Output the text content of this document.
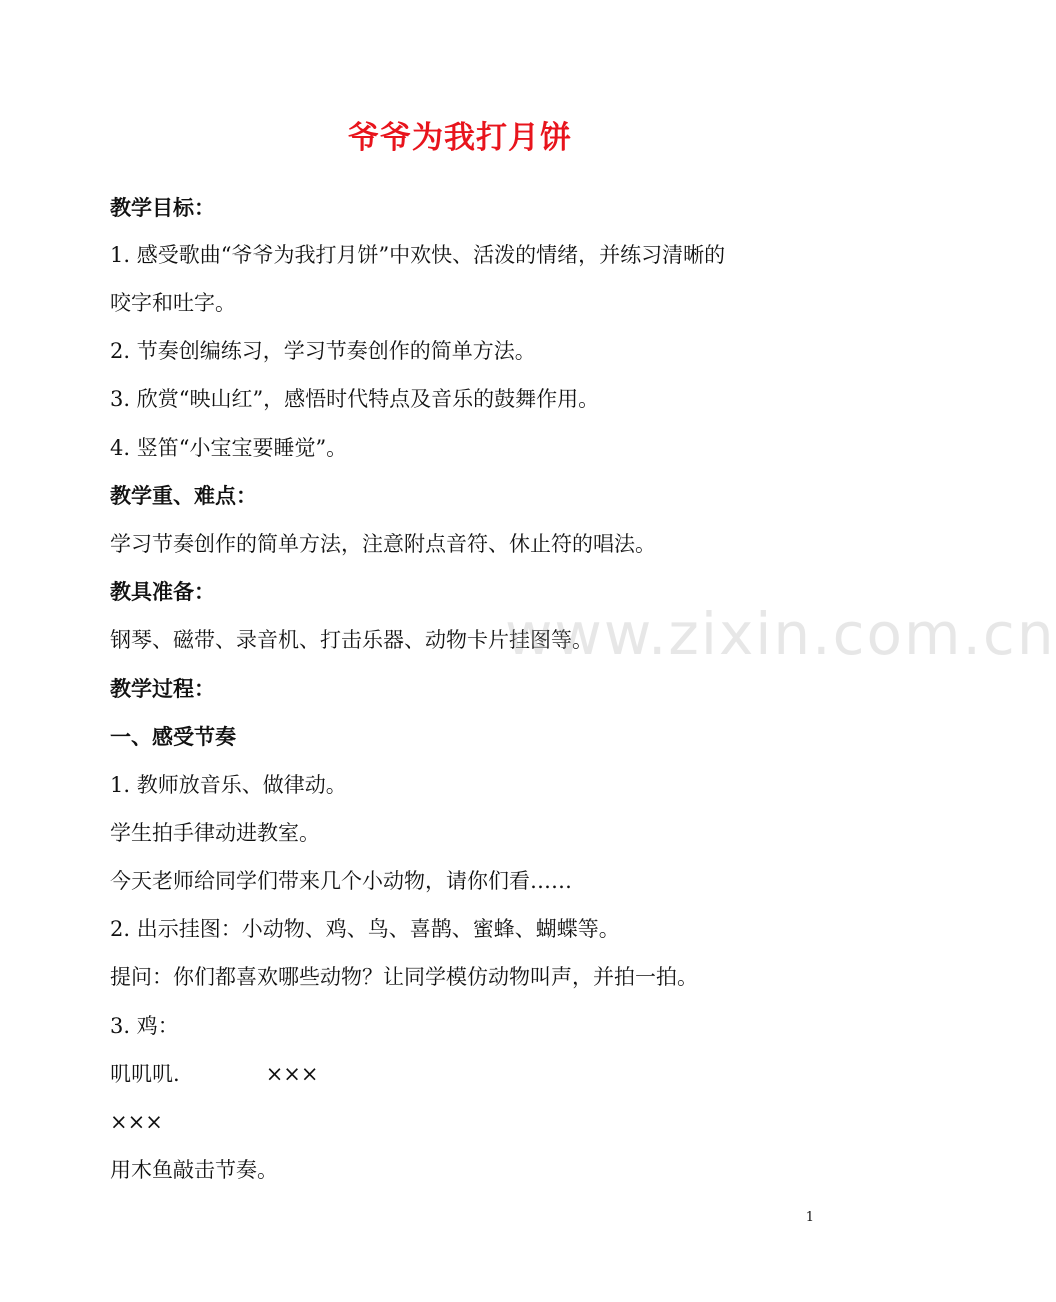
爷爷为我打月饼
教学目标：
1. 感受歌曲“爷爷为我打月饼”中欢快、活泼的情绪，并练习清晰的
咬字和吐字。
2. 节奏创编练习，学习节奏创作的简单方法。
3. 欣赏“映山红”，感悟时代特点及音乐的鼓舞作用。
4. 竖笛“小宝宝要睡觉”。
教学重、难点：
学习节奏创作的简单方法，注意附点音符、休止符的唱法。
教具准备：
钢琴、磁带、录音机、打击乐器、动物卡片挂图等。
教学过程：
一、感受节奏
1. 教师放音乐、做律动。
学生拍手律动进教室。
今天老师给同学们带来几个小动物，请你们看……
2. 出示挂图：小动物、鸡、鸟、喜鹊、蜜蜂、蝴蝶等。
提问：你们都喜欢哪些动物？让同学模仿动物叫声，并拍一拍。
3. 鸡：
叽叽叽.	×××
×××
用木鱼敲击节奏。
www.zixin.com.cn
1
